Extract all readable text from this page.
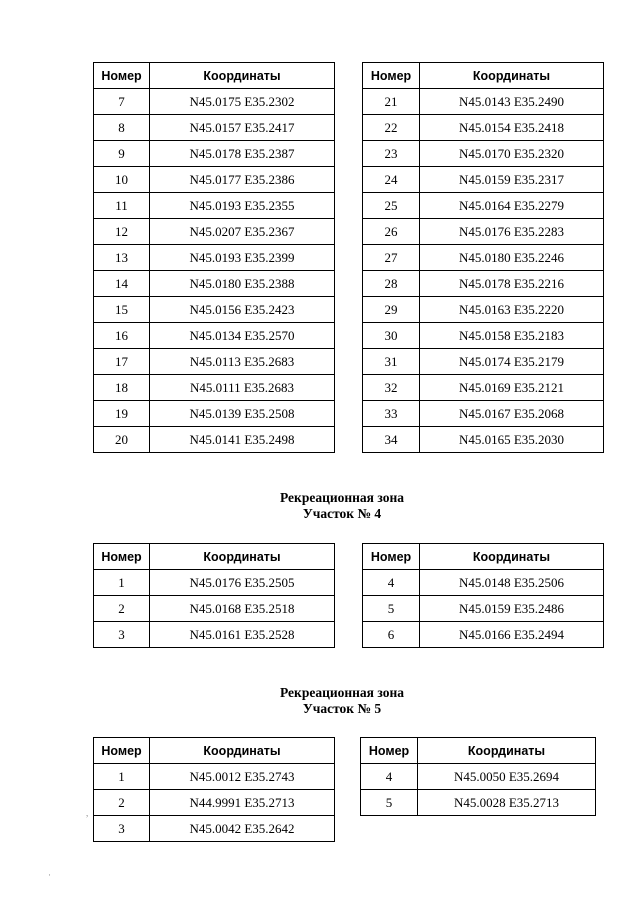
Номер	Координаты
7	N45.0175 E35.2302
8	N45.0157 E35.2417
9	N45.0178 E35.2387
10	N45.0177 E35.2386
11	N45.0193 E35.2355
12	N45.0207 E35.2367
13	N45.0193 E35.2399
14	N45.0180 E35.2388
15	N45.0156 E35.2423
16	N45.0134 E35.2570
17	N45.0113 E35.2683
18	N45.0111 E35.2683
19	N45.0139 E35.2508
20	N45.0141 E35.2498
Номер	Координаты
21	N45.0143 E35.2490
22	N45.0154 E35.2418
23	N45.0170 E35.2320
24	N45.0159 E35.2317
25	N45.0164 E35.2279
26	N45.0176 E35.2283
27	N45.0180 E35.2246
28	N45.0178 E35.2216
29	N45.0163 E35.2220
30	N45.0158 E35.2183
31	N45.0174 E35.2179
32	N45.0169 E35.2121
33	N45.0167 E35.2068
34	N45.0165 E35.2030
Рекреационная зона
Участок № 4
Номер	Координаты
1	N45.0176 E35.2505
2	N45.0168 E35.2518
3	N45.0161 E35.2528
Номер	Координаты
4	N45.0148 E35.2506
5	N45.0159 E35.2486
6	N45.0166 E35.2494
Рекреационная зона
Участок № 5
Номер	Координаты
1	N45.0012 E35.2743
2	N44.9991 E35.2713
3	N45.0042 E35.2642
Номер	Координаты
4	N45.0050 E35.2694
5	N45.0028 E35.2713
,
·
